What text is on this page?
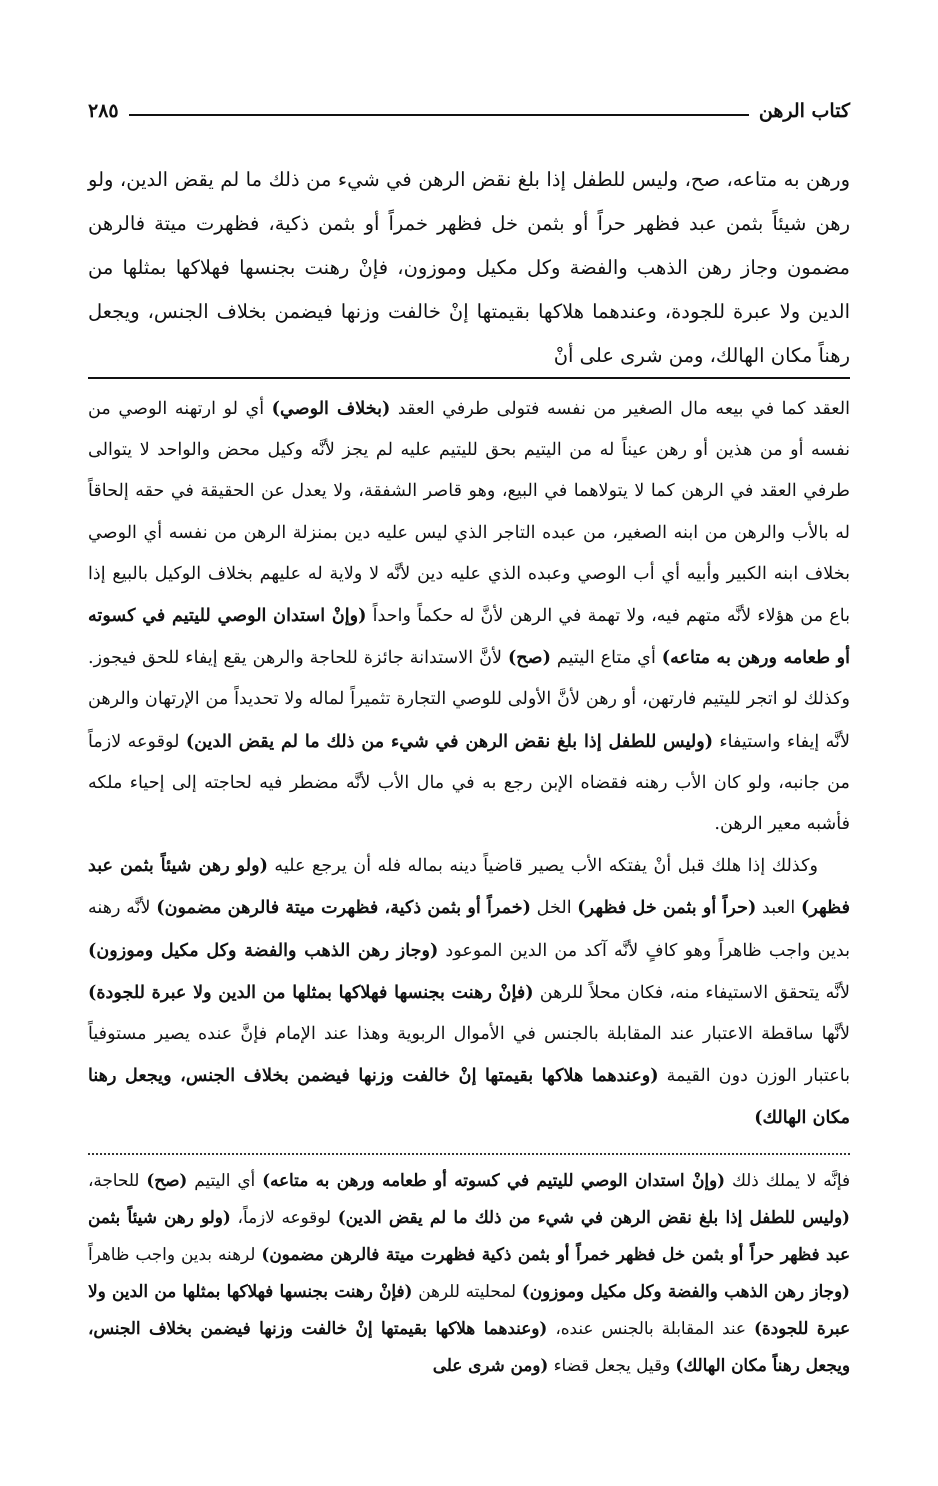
كتاب الرهن
٢٨٥

ورهن به متاعه، صح، وليس للطفل إذا بلغ نقض الرهن في شيء من ذلك ما لم يقض الدين، ولو رهن شيئاً بثمن عبد فظهر حراً أو بثمن خل فظهر خمراً أو بثمن ذكية، فظهرت ميتة فالرهن مضمون وجاز رهن الذهب والفضة وكل مكيل وموزون، فإنْ رهنت بجنسها فهلاكها بمثلها من الدين ولا عبرة للجودة، وعندهما هلاكها بقيمتها إنْ خالفت وزنها فيضمن بخلاف الجنس، ويجعل رهناً مكان الهالك، ومن شرى على أنْ

العقد كما في بيعه مال الصغير من نفسه فتولى طرفي العقد (بخلاف الوصي) أي لو ارتهنه الوصي من نفسه أو من هذين أو رهن عيناً له من اليتيم بحق لليتيم عليه لم يجز لأنَّه وكيل محض والواحد لا يتوالى طرفي العقد في الرهن كما لا يتولاهما في البيع، وهو قاصر الشفقة، ولا يعدل عن الحقيقة في حقه إلحاقاً له بالأب والرهن من ابنه الصغير، من عبده التاجر الذي ليس عليه دين بمنزلة الرهن من نفسه أي الوصي بخلاف ابنه الكبير وأبيه أي أب الوصي وعبده الذي عليه دين لأنَّه لا ولاية له عليهم بخلاف الوكيل بالبيع إذا باع من هؤلاء لأنَّه متهم فيه، ولا تهمة في الرهن لأنَّ له حكماً واحداً (وإنْ استدان الوصي لليتيم في كسوته أو طعامه ورهن به متاعه) أي متاع اليتيم (صح) لأنَّ الاستدانة جائزة للحاجة والرهن يقع إيفاء للحق فيجوز. وكذلك لو اتجر لليتيم فارتهن، أو رهن لأنَّ الأولى للوصي التجارة تثميراً لماله ولا تحديداً من الإرتهان والرهن لأنَّه إيفاء واستيفاء (وليس للطفل إذا بلغ نقض الرهن في شيء من ذلك ما لم يقض الدين) لوقوعه لازماً من جانبه، ولو كان الأب رهنه فقضاه الإبن رجع به في مال الأب لأنَّه مضطر فيه لحاجته إلى إحياء ملكه فأشبه معير الرهن.

وكذلك إذا هلك قبل أنْ يفتكه الأب يصير قاضياً دينه بماله فله أن يرجع عليه (ولو رهن شيئاً بثمن عبد فظهر) العبد (حراً أو بثمن خل فظهر) الخل (خمراً أو بثمن ذكية، فظهرت ميتة فالرهن مضمون) لأنَّه رهنه بدين واجب ظاهراً وهو كافٍ لأنَّه آكد من الدين الموعود (وجاز رهن الذهب والفضة وكل مكيل وموزون) لأنَّه يتحقق الاستيفاء منه، فكان محلاً للرهن (فإنْ رهنت بجنسها فهلاكها بمثلها من الدين ولا عبرة للجودة) لأنَّها ساقطة الاعتبار عند المقابلة بالجنس في الأموال الربوية وهذا عند الإمام فإنَّ عنده يصير مستوفياً باعتبار الوزن دون القيمة (وعندهما هلاكها بقيمتها إنْ خالفت وزنها فيضمن بخلاف الجنس، ويجعل رهنا مكان الهالك)

فإنَّه لا يملك ذلك (وإنْ استدان الوصي لليتيم في كسوته أو طعامه ورهن به متاعه) أي اليتيم (صح) للحاجة، (وليس للطفل إذا بلغ نقض الرهن في شيء من ذلك ما لم يقض الدين) لوقوعه لازماً، (ولو رهن شيئاً بثمن عبد فظهر حراً أو بثمن خل فظهر خمراً أو بثمن ذكية فظهرت ميتة فالرهن مضمون) لرهنه بدين واجب ظاهراً (وجاز رهن الذهب والفضة وكل مكيل وموزون) لمحليته للرهن (فإنْ رهنت بجنسها فهلاكها بمثلها من الدين ولا عبرة للجودة) عند المقابلة بالجنس عنده، (وعندهما هلاكها بقيمتها إنْ خالفت وزنها فيضمن بخلاف الجنس، ويجعل رهناً مكان الهالك) وقيل يجعل قضاء (ومن شرى على
